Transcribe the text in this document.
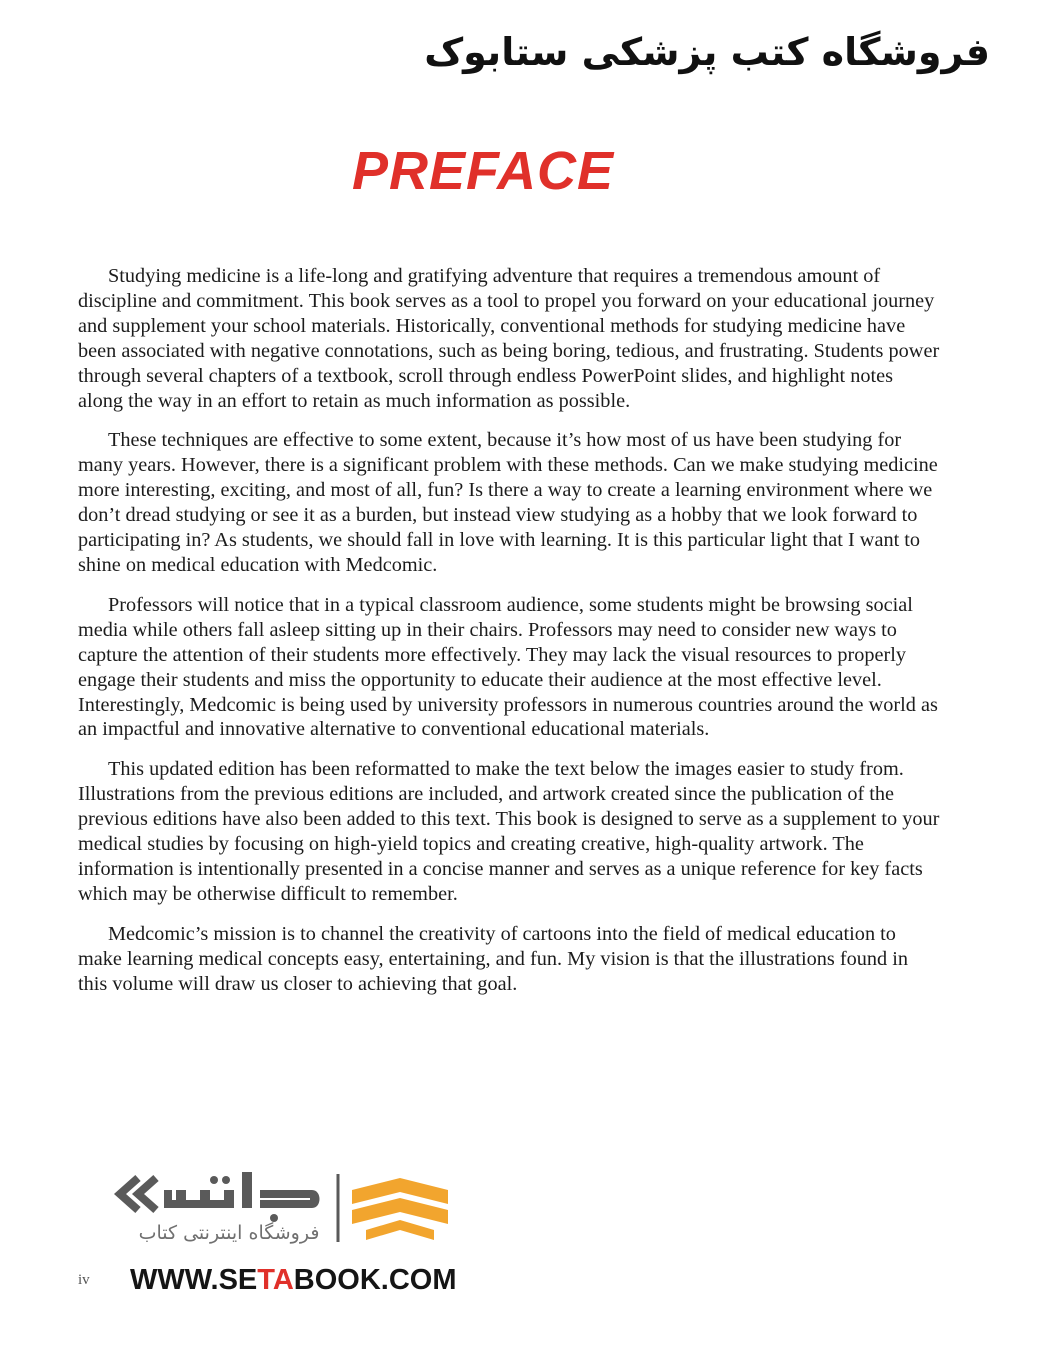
فروشگاه کتب پزشکی ستابوک
PREFACE

Studying medicine is a life-long and gratifying adventure that requires a tremendous amount of discipline and commitment. This book serves as a tool to propel you forward on your educational journey and supplement your school materials. Historically, conventional methods for studying medicine have been associated with negative connotations, such as being boring, tedious, and frustrating. Students power through several chapters of a textbook, scroll through endless PowerPoint slides, and highlight notes along the way in an effort to retain as much information as possible.

These techniques are effective to some extent, because it’s how most of us have been studying for many years. However, there is a significant problem with these methods. Can we make studying medicine more interesting, exciting, and most of all, fun? Is there a way to create a learning environment where we don’t dread studying or see it as a burden, but instead view studying as a hobby that we look forward to participating in? As students, we should fall in love with learning. It is this particular light that I want to shine on medical education with Medcomic.

Professors will notice that in a typical classroom audience, some students might be browsing social media while others fall asleep sitting up in their chairs. Professors may need to consider new ways to capture the attention of their students more effectively. They may lack the visual resources to properly engage their students and miss the opportunity to educate their audience at the most effective level. Interestingly, Medcomic is being used by university professors in numerous countries around the world as an impactful and innovative alternative to conventional educational materials.

This updated edition has been reformatted to make the text below the images easier to study from. Illustrations from the previous editions are included, and artwork created since the publication of the previous editions have also been added to this text. This book is designed to serve as a supplement to your medical studies by focusing on high-yield topics and creating creative, high-quality artwork. The information is intentionally presented in a concise manner and serves as a unique reference for key facts which may be otherwise difficult to remember.

Medcomic’s mission is to channel the creativity of cartoons into the field of medical education to make learning medical concepts easy, entertaining, and fun. My vision is that the illustrations found in this volume will draw us closer to achieving that goal.

فروشگاه اینترنتی کتاب
iv WWW.SETABOOK.COM
